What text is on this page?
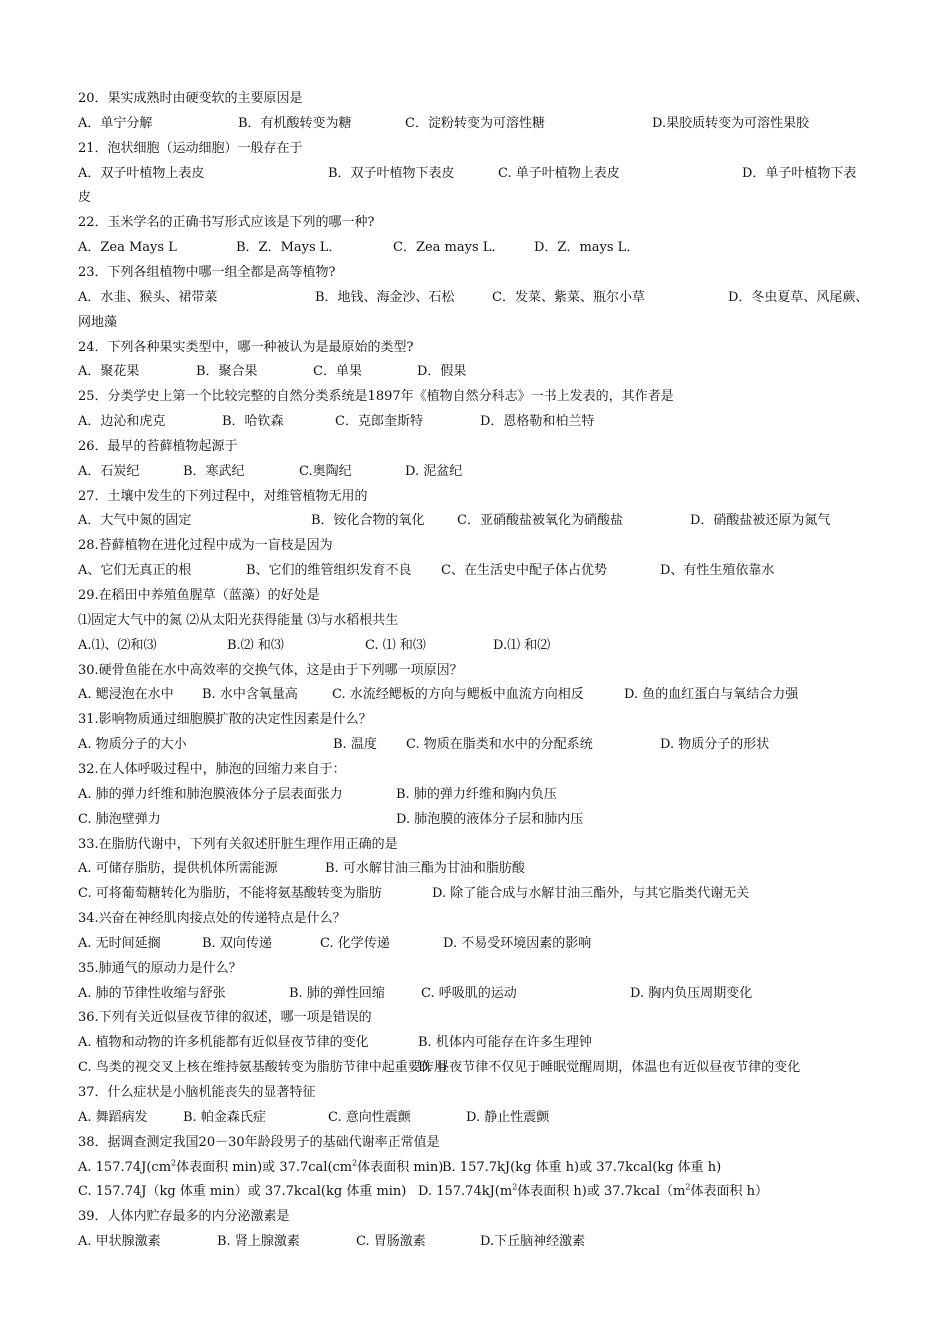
20．果实成熟时由硬变软的主要原因是
A．单宁分解	B．有机酸转变为糖	C．淀粉转变为可溶性糖	D.果胶质转变为可溶性果胶
21．泡状细胞（运动细胞）一般存在于
A．双子叶植物上表皮	B．双子叶植物下表皮	C. 单子叶植物上表皮	D．单子叶植物下表
皮
22．玉米学名的正确书写形式应该是下列的哪一种?
A．Zea Mays L	B．Z．Mays L．	C．Zea mays L． D．Z．mays L．
23．下列各组植物中哪一组全都是高等植物?
A．水韭、猴头、裙带菜	B．地钱、海金沙、石松	C．发菜、紫菜、瓶尔小草	D．冬虫夏草、风尾蕨、
网地藻
24．下列各种果实类型中，哪一种被认为是最原始的类型?
A．聚花果	B．聚合果	C．单果	D．假果
25．分类学史上第一个比较完整的自然分类系统是1897年《植物自然分科志》一书上发表的，其作者是
A．边沁和虎克	B．哈钦森	C．克郎奎斯特	D．恩格勒和柏兰特
26．最早的苔藓植物起源于
A．石炭纪	B．寒武纪	C.奥陶纪	D. 泥盆纪
27．土壤中发生的下列过程中，对维管植物无用的
A．大气中氮的固定	B．铵化合物的氧化 C．亚硝酸盐被氧化为硝酸盐	D．硝酸盐被还原为氮气
28.苔藓植物在进化过程中成为一盲枝是因为
A、它们无真正的根	B、它们的维管组织发育不良 C、在生活史中配子体占优势	D、有性生殖依靠水
29.在稻田中养殖鱼腥草（蓝藻）的好处是
⑴固定大气中的氮 ⑵从太阳光获得能量 ⑶与水稻根共生
A.⑴、⑵和⑶	B.⑵ 和⑶	C. ⑴ 和⑶	D.⑴ 和⑵
30.硬骨鱼能在水中高效率的交换气体，这是由于下列哪一项原因？
A. 鳃浸泡在水中 B. 水中含氧量高	C. 水流经鳃板的方向与鳃板中血流方向相反	D. 鱼的血红蛋白与氧结合力强
31.影响物质通过细胞膜扩散的决定性因素是什么？
A. 物质分子的大小	B. 温度 C. 物质在脂类和水中的分配系统	D. 物质分子的形状
32.在人体呼吸过程中，肺泡的回缩力来自于：
A. 肺的弹力纤维和肺泡膜液体分子层表面张力	B. 肺的弹力纤维和胸内负压
C. 肺泡壁弹力	D. 肺泡膜的液体分子层和肺内压
33.在脂肪代谢中，下列有关叙述肝脏生理作用正确的是
A. 可储存脂肪，提供机体所需能源	B. 可水解甘油三酯为甘油和脂肪酸
C. 可将葡萄糖转化为脂肪，不能将氨基酸转变为脂肪	D. 除了能合成与水解甘油三酯外，与其它脂类代谢无关
34.兴奋在神经肌肉接点处的传递特点是什么？
A. 无时间延搁	B. 双向传递	C. 化学传递	D. 不易受环境因素的影响
35.肺通气的原动力是什么？
A. 肺的节律性收缩与舒张	B. 肺的弹性回缩	C. 呼吸肌的运动	D. 胸内负压周期变化
36.下列有关近似昼夜节律的叙述，哪一项是错误的
A. 植物和动物的许多机能都有近似昼夜节律的变化	B. 机体内可能存在许多生理钟
C. 鸟类的视交叉上核在维持氨基酸转变为脂肪节律中起重要作用
D. 昼夜节律不仅见于睡眠觉醒周期，体温也有近似昼夜节律的变化
37．什么症状是小脑机能丧失的显著特征
A. 舞蹈病发	B. 帕金森氏症	C. 意向性震颤	D. 静止性震颤
38．据调查测定我国20－30年龄段男子的基础代谢率正常值是
A. $157.74J(cm^2$体表面积 min)或 $37.7cal(cm^2$体表面积 min)
B. 157.7kJ(kg 体重 h)或 37.7kcal(kg 体重 h)
C. 157.74J（kg 体重 min）或 37.7kcal(kg 体重 min) D. $157.74kJ(m^2$体表面积 h)或 $37.7kcal(m^2$体表面积 h）
39．人体内贮存最多的内分泌激素是
A. 甲状腺激素	B. 肾上腺激素	C. 胃肠激素	D.下丘脑神经激素
